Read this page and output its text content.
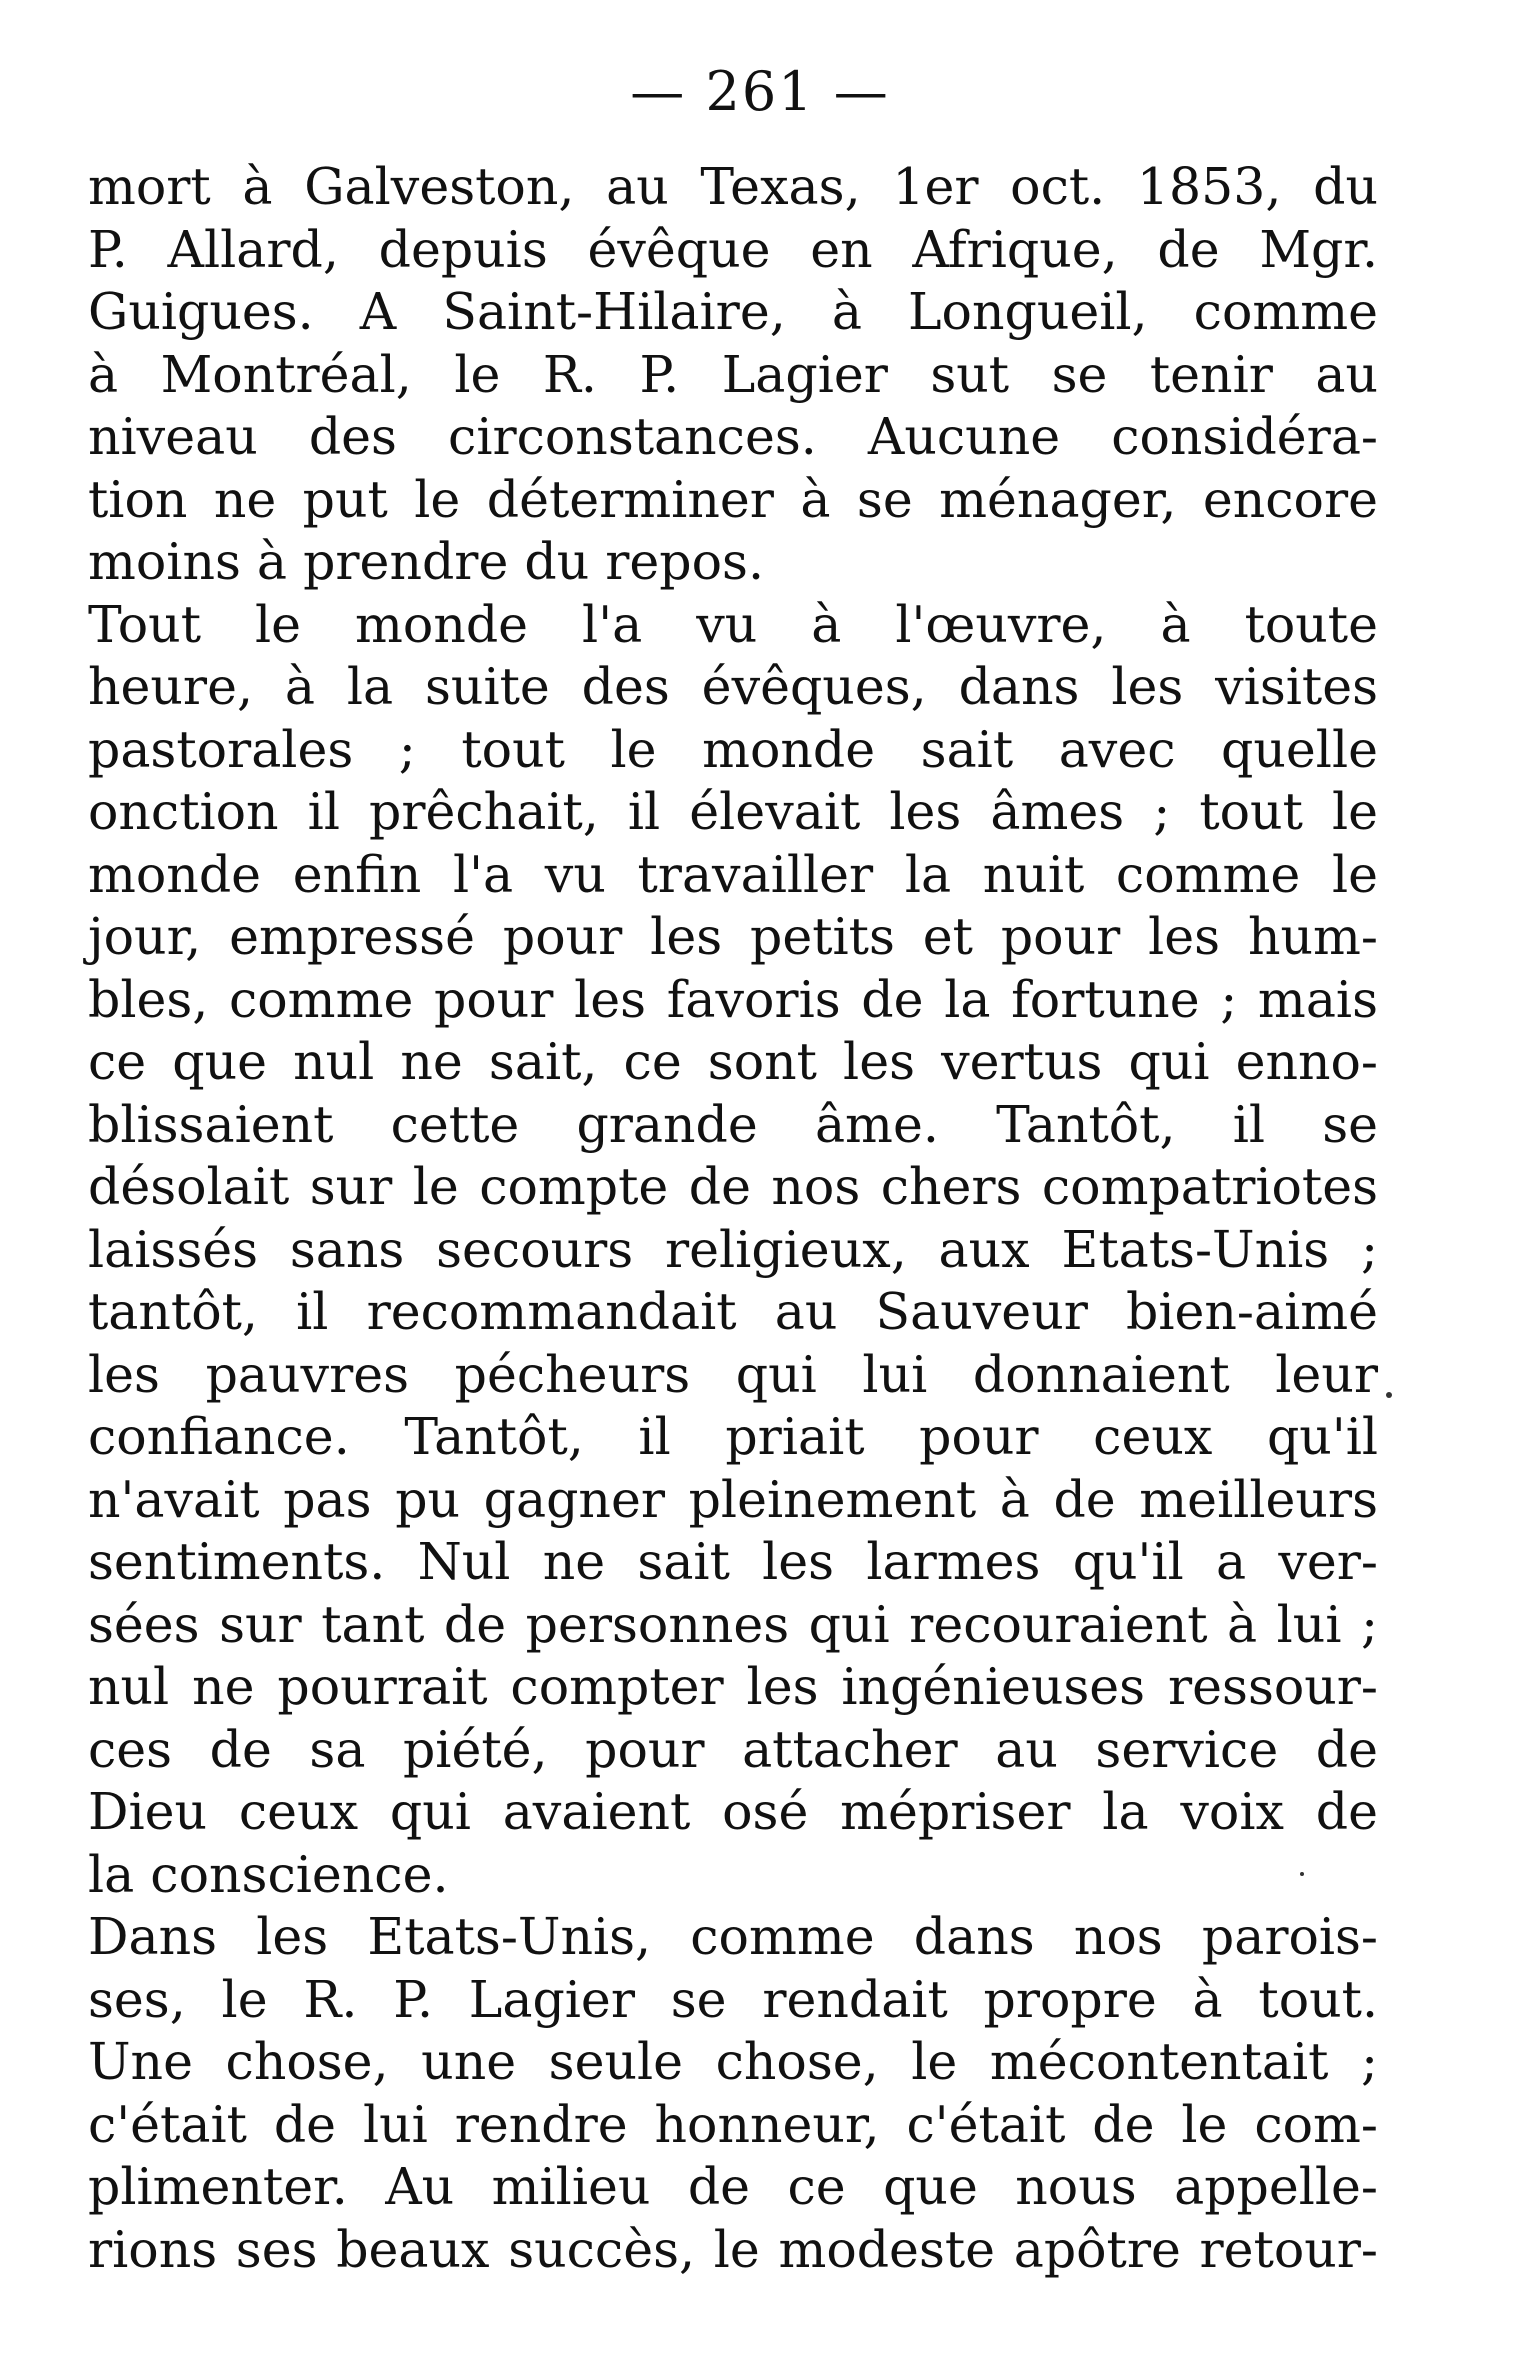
— 261 —
mort à Galveston, au Texas, 1er oct. 1853, du
P. Allard, depuis évêque en Afrique, de Mgr.
Guigues. A Saint-Hilaire, à Longueil, comme
à Montréal, le R. P. Lagier sut se tenir au
niveau des circonstances. Aucune considéra-
tion ne put le déterminer à se ménager, encore
moins à prendre du repos.
Tout le monde l'a vu à l'œuvre, à toute
heure, à la suite des évêques, dans les visites
pastorales ; tout le monde sait avec quelle
onction il prêchait, il élevait les âmes ; tout le
monde enfin l'a vu travailler la nuit comme le
jour, empressé pour les petits et pour les hum-
bles, comme pour les favoris de la fortune ; mais
ce que nul ne sait, ce sont les vertus qui enno-
blissaient cette grande âme. Tantôt, il se
désolait sur le compte de nos chers compatriotes
laissés sans secours religieux, aux Etats-Unis ;
tantôt, il recommandait au Sauveur bien-aimé
les pauvres pécheurs qui lui donnaient leur
confiance. Tantôt, il priait pour ceux qu'il
n'avait pas pu gagner pleinement à de meilleurs
sentiments. Nul ne sait les larmes qu'il a ver-
sées sur tant de personnes qui recouraient à lui ;
nul ne pourrait compter les ingénieuses ressour-
ces de sa piété, pour attacher au service de
Dieu ceux qui avaient osé mépriser la voix de
la conscience.
Dans les Etats-Unis, comme dans nos parois-
ses, le R. P. Lagier se rendait propre à tout.
Une chose, une seule chose, le mécontentait ;
c'était de lui rendre honneur, c'était de le com-
plimenter. Au milieu de ce que nous appelle-
rions ses beaux succès, le modeste apôtre retour-
